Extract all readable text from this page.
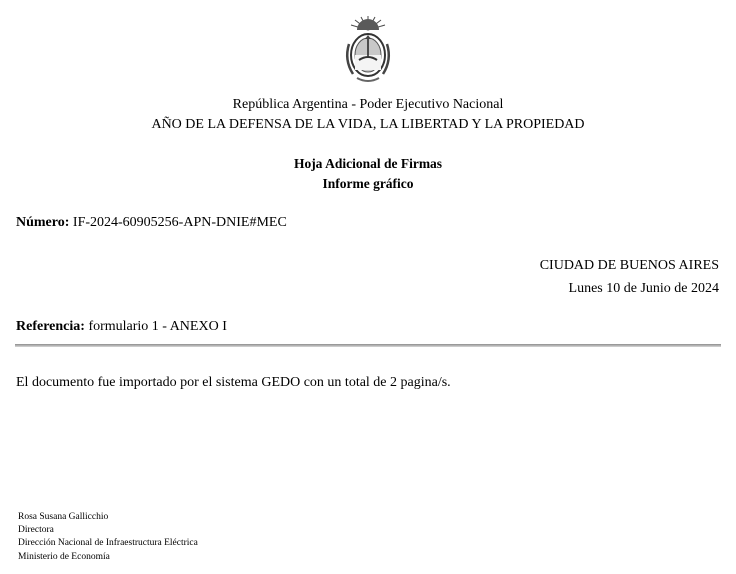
República Argentina - Poder Ejecutivo Nacional
AÑO DE LA DEFENSA DE LA VIDA, LA LIBERTAD Y LA PROPIEDAD
Hoja Adicional de Firmas
Informe gráfico
Número: IF-2024-60905256-APN-DNIE#MEC
CIUDAD DE BUENOS AIRES
Lunes 10 de Junio de 2024
Referencia: formulario 1 - ANEXO I
El documento fue importado por el sistema GEDO con un total de 2 pagina/s.
Rosa Susana Gallicchio
Directora
Dirección Nacional de Infraestructura Eléctrica
Ministerio de Economía
